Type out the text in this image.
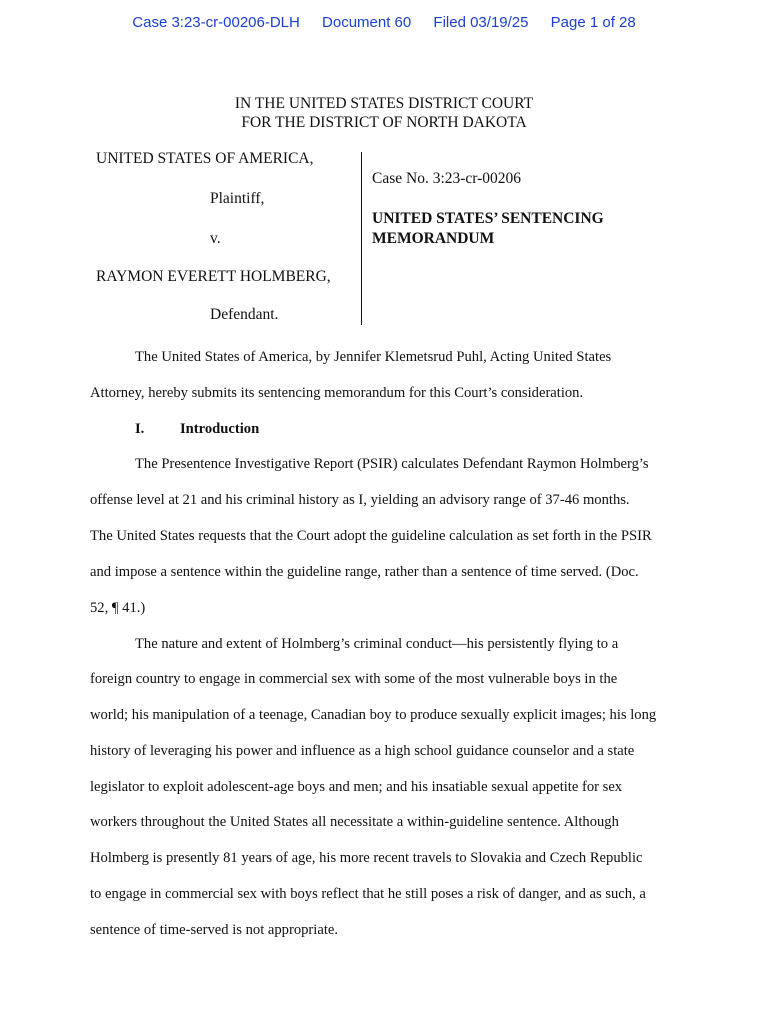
Case 3:23-cr-00206-DLH Document 60 Filed 03/19/25 Page 1 of 28
IN THE UNITED STATES DISTRICT COURT
FOR THE DISTRICT OF NORTH DAKOTA
UNITED STATES OF AMERICA,
Plaintiff,
v.
RAYMON EVERETT HOLMBERG,
Defendant.
Case No. 3:23-cr-00206
UNITED STATES’ SENTENCING
MEMORANDUM
The United States of America, by Jennifer Klemetsrud Puhl, Acting United States
Attorney, hereby submits its sentencing memorandum for this Court’s consideration.
I. Introduction
The Presentence Investigative Report (PSIR) calculates Defendant Raymon Holmberg’s
offense level at 21 and his criminal history as I, yielding an advisory range of 37-46 months.
The United States requests that the Court adopt the guideline calculation as set forth in the PSIR
and impose a sentence within the guideline range, rather than a sentence of time served. (Doc.
52, ¶ 41.)
The nature and extent of Holmberg’s criminal conduct—his persistently flying to a
foreign country to engage in commercial sex with some of the most vulnerable boys in the
world; his manipulation of a teenage, Canadian boy to produce sexually explicit images; his long
history of leveraging his power and influence as a high school guidance counselor and a state
legislator to exploit adolescent-age boys and men; and his insatiable sexual appetite for sex
workers throughout the United States all necessitate a within-guideline sentence. Although
Holmberg is presently 81 years of age, his more recent travels to Slovakia and Czech Republic
to engage in commercial sex with boys reflect that he still poses a risk of danger, and as such, a
sentence of time-served is not appropriate.
